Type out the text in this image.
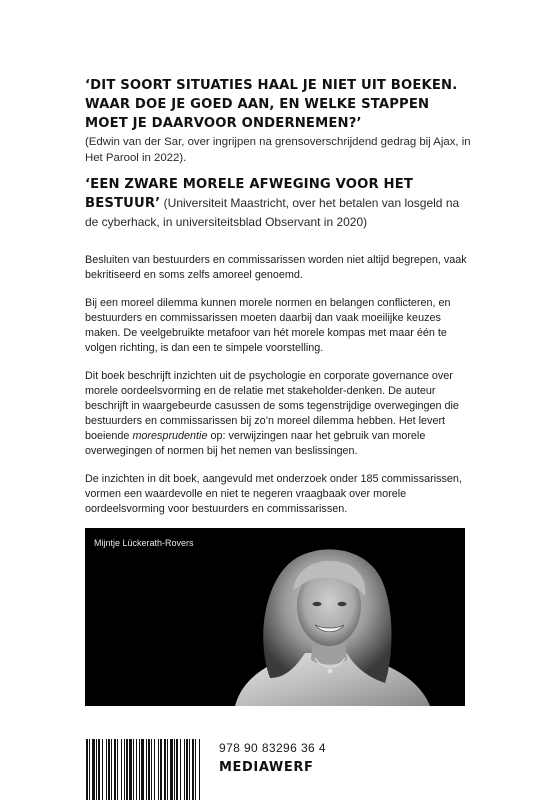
‘DIT SOORT SITUATIES HAAL JE NIET UIT BOEKEN. WAAR DOE JE GOED AAN, EN WELKE STAPPEN MOET JE DAARVOOR ONDERNEMEN?’
(Edwin van der Sar, over ingrijpen na grensoverschrijdend gedrag bij Ajax, in Het Parool in 2022).
‘EEN ZWARE MORELE AFWEGING VOOR HET BESTUUR’ (Universiteit Maastricht, over het betalen van losgeld na de cyberhack, in universiteitsblad Observant in 2020)

Besluiten van bestuurders en commissarissen worden niet altijd begrepen, vaak bekritiseerd en soms zelfs amoreel genoemd.

Bij een moreel dilemma kunnen morele normen en belangen conflicteren, en bestuurders en commissarissen moeten daarbij dan vaak moeilijke keuzes maken. De veelgebruikte metafoor van hét morele kompas met maar één te volgen richting, is dan een te simpele voorstelling.

Dit boek beschrijft inzichten uit de psychologie en corporate governance over morele oordeelsvorming en de relatie met stakeholder-denken. De auteur beschrijft in waargebeurde casussen de soms tegenstrijdige overwegingen die bestuurders en commissarissen bij zo’n moreel dilemma hebben. Het levert boeiende moresprudentie op: verwijzingen naar het gebruik van morele overwegingen of normen bij het nemen van beslissingen.

De inzichten in dit boek, aangevuld met onderzoek onder 185 commissarissen, vormen een waardevolle en niet te negeren vraagbaak over morele oordeelsvorming voor bestuurders en commissarissen.

Mijntje Lückerath-Rovers
978 90 83296 36 4
MEDIAWERF
